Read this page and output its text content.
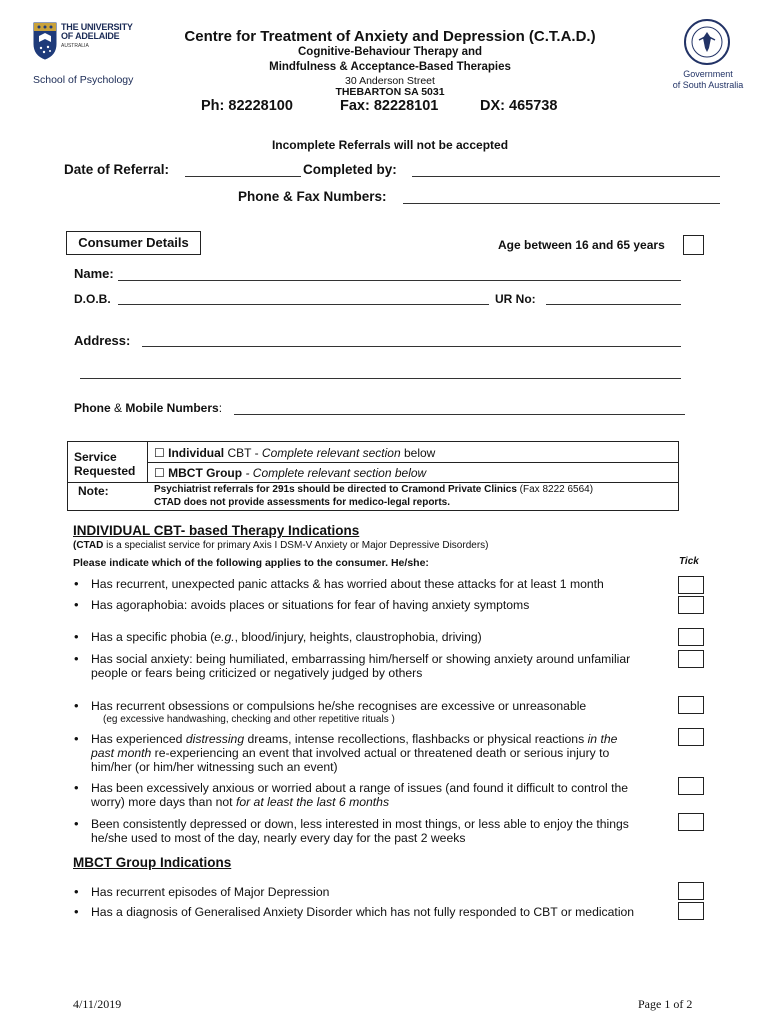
THE UNIVERSITY
OF ADELAIDE
AUSTRALIA
School of Psychology
Centre for Treatment of Anxiety and Depression (C.T.A.D.)
Cognitive-Behaviour Therapy and
Mindfulness & Acceptance-Based Therapies
30 Anderson Street
THEBARTON SA 5031
Ph: 82228100	Fax: 82228101	DX: 465738
Government
of South Australia
Incomplete Referrals will not be accepted
Date of Referral:	Completed by:
Phone & Fax Numbers:
Consumer Details	Age between 16 and 65 years
Name:
D.O.B.	UR No:
Address:
Phone & Mobile Numbers:
Service
Requested
☐ Individual CBT - Complete relevant section below
☐ MBCT Group - Complete relevant section below
Note:	Psychiatrist referrals for 291s should be directed to Cramond Private Clinics (Fax 8222 6564)
CTAD does not provide assessments for medico-legal reports.
INDIVIDUAL CBT- based Therapy Indications
(CTAD is a specialist service for primary Axis I DSM-V Anxiety or Major Depressive Disorders)
Please indicate which of the following applies to the consumer. He/she:	Tick
• Has recurrent, unexpected panic attacks & has worried about these attacks for at least 1 month
• Has agoraphobia: avoids places or situations for fear of having anxiety symptoms
• Has a specific phobia (e.g., blood/injury, heights, claustrophobia, driving)
• Has social anxiety: being humiliated, embarrassing him/herself or showing anxiety around unfamiliar
people or fears being criticized or negatively judged by others
• Has recurrent obsessions or compulsions he/she recognises are excessive or unreasonable
(eg excessive handwashing, checking and other repetitive rituals )
• Has experienced distressing dreams, intense recollections, flashbacks or physical reactions in the
past month re-experiencing an event that involved actual or threatened death or serious injury to
him/her (or him/her witnessing such an event)
• Has been excessively anxious or worried about a range of issues (and found it difficult to control the
worry) more days than not for at least the last 6 months
• Been consistently depressed or down, less interested in most things, or less able to enjoy the things
he/she used to most of the day, nearly every day for the past 2 weeks
MBCT Group Indications
• Has recurrent episodes of Major Depression
• Has a diagnosis of Generalised Anxiety Disorder which has not fully responded to CBT or medication
4/11/2019	Page 1 of 2
